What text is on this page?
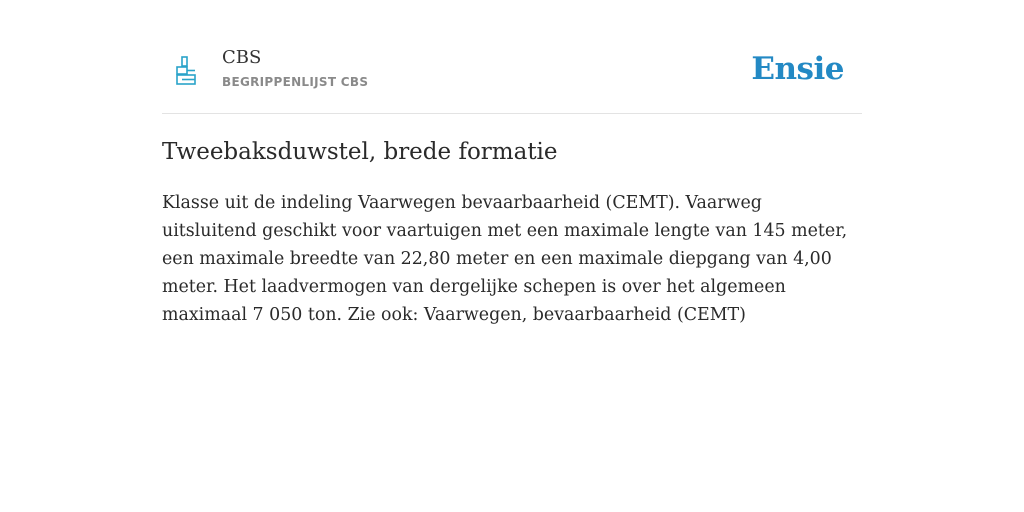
CBS
BEGRIPPENLIJST CBS	Ensie
Tweebaksduwstel, brede formatie

Klasse uit de indeling Vaarwegen bevaarbaarheid (CEMT). Vaarweg uitsluitend geschikt voor vaartuigen met een maximale lengte van 145 meter, een maximale breedte van 22,80 meter en een maximale diepgang van 4,00 meter. Het laadvermogen van dergelijke schepen is over het algemeen maximaal 7 050 ton. Zie ook: Vaarwegen, bevaarbaarheid (CEMT)
